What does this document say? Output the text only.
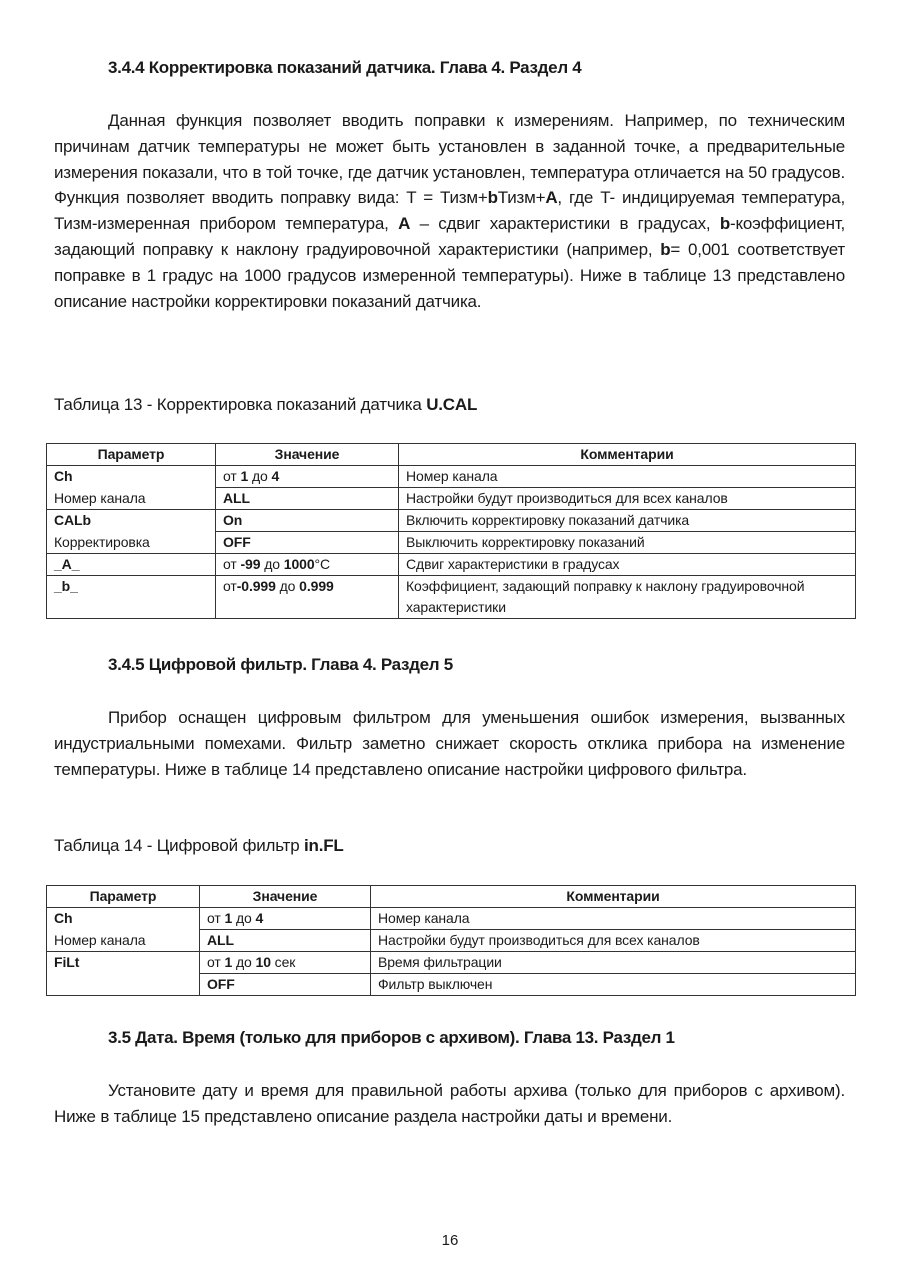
3.4.4 Корректировка показаний датчика. Глава 4. Раздел 4
Данная функция позволяет вводить поправки к измерениям. Например, по техническим причинам датчик температуры не может быть установлен в заданной точке, а предварительные измерения показали, что в той точке, где датчик установлен, температура отличается на 50 градусов. Функция позволяет вводить поправку вида: T = Тизм+bТизм+A, где T- индицируемая температура, Тизм-измеренная прибором температура, A – сдвиг характеристики в градусах, b-коэффициент, задающий поправку к наклону градуировочной характеристики (например, b= 0,001 соответствует поправке в 1 градус на 1000 градусов измеренной температуры). Ниже в таблице 13 представлено описание настройки корректировки показаний датчика.
Таблица 13 - Корректировка показаний датчика U.CAL
Параметр	Значение	Комментарии
Ch	от 1 до 4	Номер канала
Номер канала	ALL	Настройки будут производиться для всех каналов
CALb	On	Включить корректировку показаний датчика
Корректировка	OFF	Выключить корректировку показаний
_A_	от -99 до 1000°C	Сдвиг характеристики в градусах
_b_	от-0.999 до 0.999	Коэффициент, задающий поправку к наклону градуировочной характеристики
3.4.5 Цифровой фильтр. Глава 4. Раздел 5
Прибор оснащен цифровым фильтром для уменьшения ошибок измерения, вызванных индустриальными помехами. Фильтр заметно снижает скорость отклика прибора на изменение температуры. Ниже в таблице 14 представлено описание настройки цифрового фильтра.
Таблица 14 - Цифровой фильтр in.FL
Параметр	Значение	Комментарии
Ch	от 1 до 4	Номер канала
Номер канала	ALL	Настройки будут производиться для всех каналов
FiLt	от 1 до 10 сек	Время фильтрации
	OFF	Фильтр выключен
3.5 Дата. Время (только для приборов с архивом). Глава 13. Раздел 1
Установите дату и время для правильной работы архива (только для приборов с архивом). Ниже в таблице 15 представлено описание раздела настройки даты и времени.
16
